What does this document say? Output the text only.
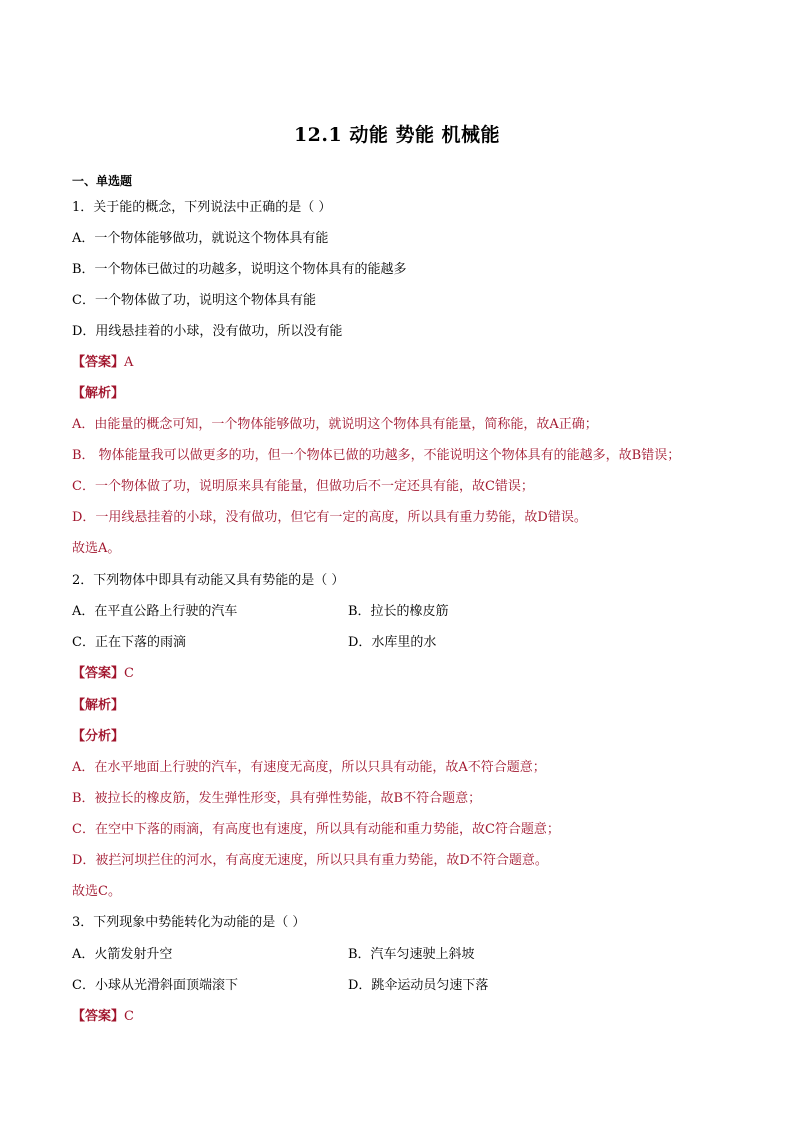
12.1 动能 势能 机械能
一、单选题
1．关于能的概念，下列说法中正确的是（ ）
A．一个物体能够做功，就说这个物体具有能
B．一个物体已做过的功越多，说明这个物体具有的能越多
C．一个物体做了功，说明这个物体具有能
D．用线悬挂着的小球，没有做功，所以没有能
【答案】A
【解析】
A．由能量的概念可知，一个物体能够做功，就说明这个物体具有能量，简称能，故A正确；
B． 物体能量我可以做更多的功，但一个物体已做的功越多，不能说明这个物体具有的能越多，故B错误；
C．一个物体做了功，说明原来具有能量，但做功后不一定还具有能，故C错误；
D．一用线悬挂着的小球，没有做功，但它有一定的高度，所以具有重力势能，故D错误。
故选A。
2．下列物体中即具有动能又具有势能的是（ ）
A．在平直公路上行驶的汽车	B．拉长的橡皮筋
C．正在下落的雨滴	D．水库里的水
【答案】C
【解析】
【分析】
A．在水平地面上行驶的汽车，有速度无高度，所以只具有动能，故A不符合题意；
B．被拉长的橡皮筋，发生弹性形变，具有弹性势能，故B不符合题意；
C．在空中下落的雨滴，有高度也有速度，所以具有动能和重力势能，故C符合题意；
D．被拦河坝拦住的河水，有高度无速度，所以只具有重力势能，故D不符合题意。
故选C。
3．下列现象中势能转化为动能的是（ ）
A．火箭发射升空	B．汽车匀速驶上斜坡
C．小球从光滑斜面顶端滚下	D．跳伞运动员匀速下落
【答案】C
